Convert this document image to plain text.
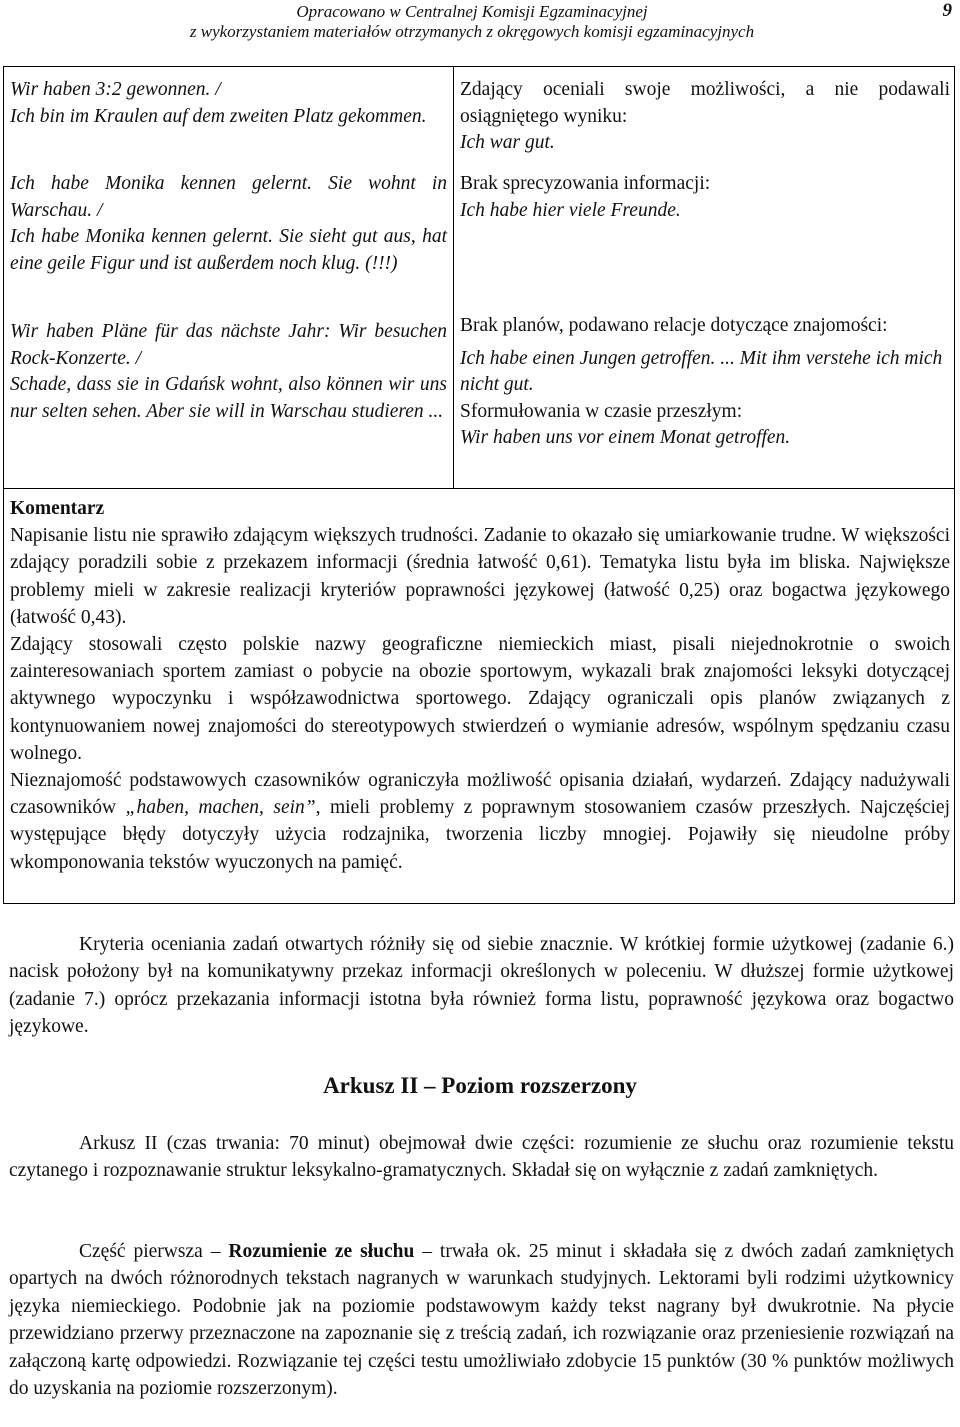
Opracowano w Centralnej Komisji Egzaminacyjnej
z wykorzystaniem materiałów otrzymanych z okręgowych komisji egzaminacyjnych
9

Wir haben 3:2 gewonnen. /

Ich bin im Kraulen auf dem zweiten Platz gekommen.

Zdający oceniali swoje możliwości, a nie podawali osiągniętego wyniku:

Ich war gut.

Ich habe Monika kennen gelernt. Sie wohnt in Warschau. /

Ich habe Monika kennen gelernt. Sie sieht gut aus, hat eine geile Figur und ist außerdem noch klug. (!!!)

Brak sprecyzowania informacji:

Ich habe hier viele Freunde.

Wir haben Pläne für das nächste Jahr: Wir besuchen Rock-Konzerte. /

Schade, dass sie in Gdańsk wohnt, also können wir uns nur selten sehen. Aber sie will in Warschau studieren ...

Brak planów, podawano relacje dotyczące znajomości:

Ich habe einen Jungen getroffen. ... Mit ihm verstehe ich mich nicht gut.

Sformułowania w czasie przeszłym:

Wir haben uns vor einem Monat getroffen.

Komentarz

Napisanie listu nie sprawiło zdającym większych trudności. Zadanie to okazało się umiarkowanie trudne. W większości zdający poradzili sobie z przekazem informacji (średnia łatwość 0,61). Tematyka listu była im bliska. Największe problemy mieli w zakresie realizacji kryteriów poprawności językowej (łatwość 0,25) oraz bogactwa językowego (łatwość 0,43).

Zdający stosowali często polskie nazwy geograficzne niemieckich miast, pisali niejednokrotnie o swoich zainteresowaniach sportem zamiast o pobycie na obozie sportowym, wykazali brak znajomości leksyki dotyczącej aktywnego wypoczynku i współzawodnictwa sportowego. Zdający ograniczali opis planów związanych z kontynuowaniem nowej znajomości do stereotypowych stwierdzeń o wymianie adresów, wspólnym spędzaniu czasu wolnego.

Nieznajomość podstawowych czasowników ograniczyła możliwość opisania działań, wydarzeń. Zdający nadużywali czasowników „haben, machen, sein”, mieli problemy z poprawnym stosowaniem czasów przeszłych. Najczęściej występujące błędy dotyczyły użycia rodzajnika, tworzenia liczby mnogiej. Pojawiły się nieudolne próby wkomponowania tekstów wyuczonych na pamięć.

Kryteria oceniania zadań otwartych różniły się od siebie znacznie. W krótkiej formie użytkowej (zadanie 6.) nacisk położony był na komunikatywny przekaz informacji określonych w poleceniu. W dłuższej formie użytkowej (zadanie 7.) oprócz przekazania informacji istotna była również forma listu, poprawność językowa oraz bogactwo językowe.

Arkusz II – Poziom rozszerzony

Arkusz II (czas trwania: 70 minut) obejmował dwie części: rozumienie ze słuchu oraz rozumienie tekstu czytanego i rozpoznawanie struktur leksykalno-gramatycznych. Składał się on wyłącznie z zadań zamkniętych.

Część pierwsza – Rozumienie ze słuchu – trwała ok. 25 minut i składała się z dwóch zadań zamkniętych opartych na dwóch różnorodnych tekstach nagranych w warunkach studyjnych. Lektorami byli rodzimi użytkownicy języka niemieckiego. Podobnie jak na poziomie podstawowym każdy tekst nagrany był dwukrotnie. Na płycie przewidziano przerwy przeznaczone na zapoznanie się z treścią zadań, ich rozwiązanie oraz przeniesienie rozwiązań na załączoną kartę odpowiedzi. Rozwiązanie tej części testu umożliwiało zdobycie 15 punktów (30 % punktów możliwych do uzyskania na poziomie rozszerzonym).
